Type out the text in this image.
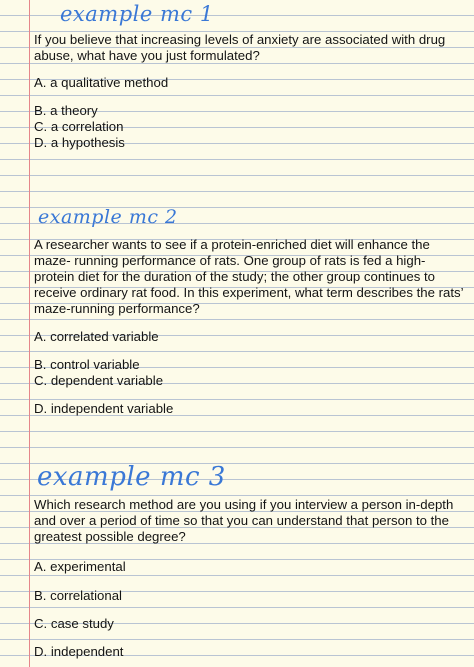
example mc 1

If you believe that increasing levels of anxiety are associated with drug abuse, what have you just formulated?

A. a qualitative method

B. a theory

C. a correlation

D. a hypothesis

example mc 2

A researcher wants to see if a protein-enriched diet will enhance the maze- running performance of rats. One group of rats is fed a high-protein diet for the duration of the study; the other group continues to receive ordinary rat food. In this experiment, what term describes the rats’ maze-running performance?

A. correlated variable

B. control variable

C. dependent variable

D. independent variable

example mc 3

Which research method are you using if you interview a person in-depth and over a period of time so that you can understand that person to the greatest possible degree?

A. experimental

B. correlational

C. case study

D. independent
